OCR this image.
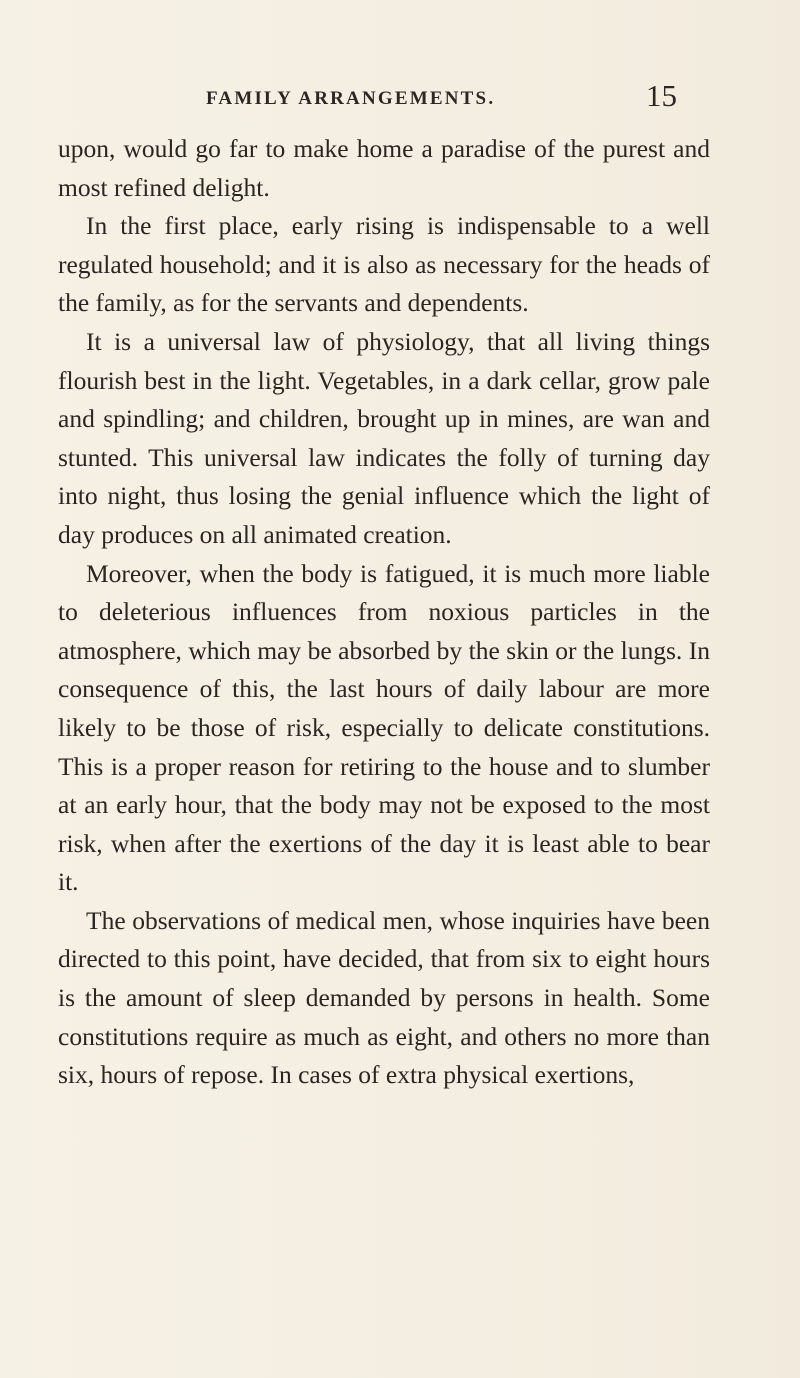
FAMILY ARRANGEMENTS.	15

upon, would go far to make home a paradise of the purest and most refined delight.

In the first place, early rising is indispensable to a well regulated household; and it is also as necessary for the heads of the family, as for the servants and dependents.

It is a universal law of physiology, that all living things flourish best in the light. Vegetables, in a dark cellar, grow pale and spindling; and children, brought up in mines, are wan and stunted. This universal law indicates the folly of turning day into night, thus losing the genial influence which the light of day produces on all animated creation.

Moreover, when the body is fatigued, it is much more liable to deleterious influences from noxious particles in the atmosphere, which may be absorbed by the skin or the lungs. In consequence of this, the last hours of daily labour are more likely to be those of risk, especially to delicate constitutions. This is a proper reason for retiring to the house and to slumber at an early hour, that the body may not be exposed to the most risk, when after the exertions of the day it is least able to bear it.

The observations of medical men, whose inquiries have been directed to this point, have decided, that from six to eight hours is the amount of sleep demanded by persons in health. Some constitutions require as much as eight, and others no more than six, hours of repose. In cases of extra physical exertions,
